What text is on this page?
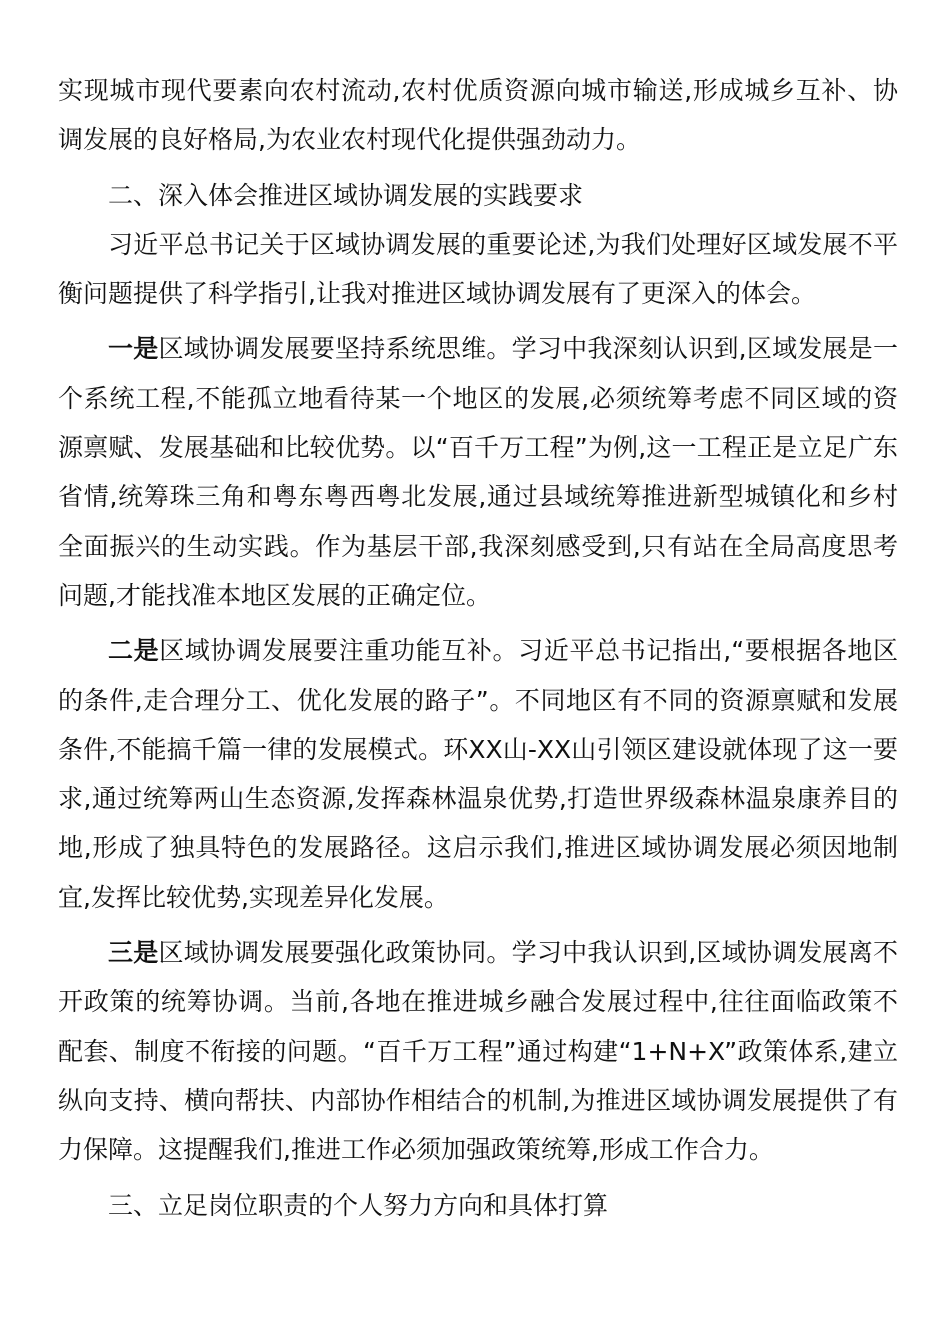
实现城市现代要素向农村流动,农村优质资源向城市输送,形成城乡互补、协调发展的良好格局,为农业农村现代化提供强劲动力。

二、深入体会推进区域协调发展的实践要求

习近平总书记关于区域协调发展的重要论述,为我们处理好区域发展不平衡问题提供了科学指引,让我对推进区域协调发展有了更深入的体会。

一是区域协调发展要坚持系统思维。学习中我深刻认识到,区域发展是一个系统工程,不能孤立地看待某一个地区的发展,必须统筹考虑不同区域的资源禀赋、发展基础和比较优势。以“百千万工程”为例,这一工程正是立足广东省情,统筹珠三角和粤东粤西粤北发展,通过县域统筹推进新型城镇化和乡村全面振兴的生动实践。作为基层干部,我深刻感受到,只有站在全局高度思考问题,才能找准本地区发展的正确定位。

二是区域协调发展要注重功能互补。习近平总书记指出,“要根据各地区的条件,走合理分工、优化发展的路子”。不同地区有不同的资源禀赋和发展条件,不能搞千篇一律的发展模式。环XX山-XX山引领区建设就体现了这一要求,通过统筹两山生态资源,发挥森林温泉优势,打造世界级森林温泉康养目的地,形成了独具特色的发展路径。这启示我们,推进区域协调发展必须因地制宜,发挥比较优势,实现差异化发展。

三是区域协调发展要强化政策协同。学习中我认识到,区域协调发展离不开政策的统筹协调。当前,各地在推进城乡融合发展过程中,往往面临政策不配套、制度不衔接的问题。“百千万工程”通过构建“1+N+X”政策体系,建立纵向支持、横向帮扶、内部协作相结合的机制,为推进区域协调发展提供了有力保障。这提醒我们,推进工作必须加强政策统筹,形成工作合力。

三、立足岗位职责的个人努力方向和具体打算
